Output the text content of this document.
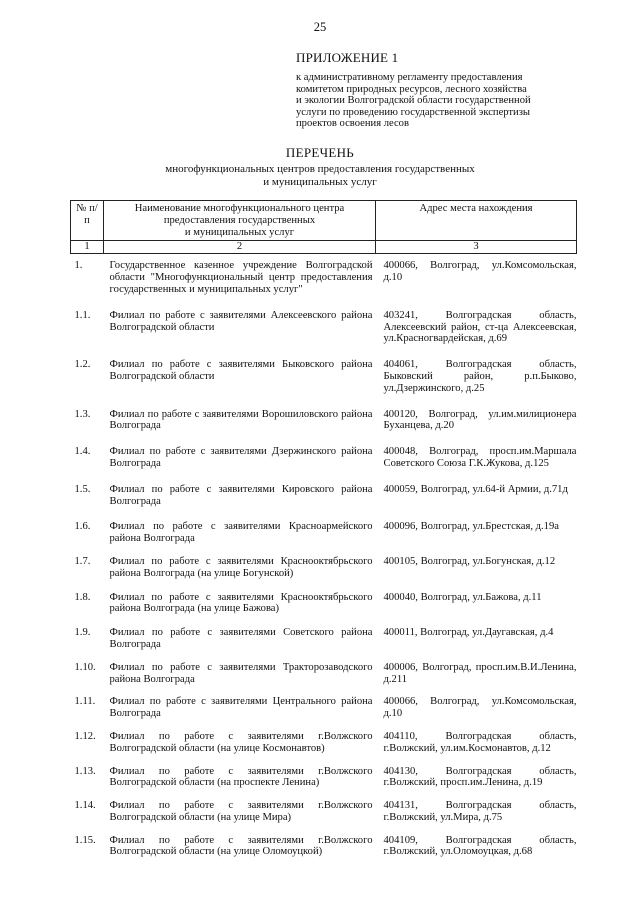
25

ПРИЛОЖЕНИЕ 1

к административному регламенту предоставления
комитетом природных ресурсов, лесного хозяйства
и экологии Волгоградской области государственной
услуги по проведению государственной экспертизы
проектов освоения лесов

ПЕРЕЧЕНЬ
многофункциональных центров предоставления государственных
и муниципальных услуг
№ п/п	Наименование многофункционального центра
предоставления государственных
и муниципальных услуг	Адрес места нахождения
1	2	3
1.	Государственное казенное учреждение Волгоградской области "Многофункциональный центр предоставления государственных и муниципальных услуг"	400066, Волгоград, ул.Комсомольская, д.10
1.1.	Филиал по работе с заявителями Алексеевского района Волгоградской области	403241, Волгоградская область, Алексеевский район, ст-ца Алексеевская, ул.Красногвардейская, д.69
1.2.	Филиал по работе с заявителями Быковского района Волгоградской области	404061, Волгоградская область, Быковский район, р.п.Быково, ул.Дзержинского, д.25
1.3.	Филиал по работе с заявителями Ворошиловского района Волгограда	400120, Волгоград, ул.им.милиционера Буханцева, д.20
1.4.	Филиал по работе с заявителями Дзержинского района Волгограда	400048, Волгоград, просп.им.Маршала Советского Союза Г.К.Жукова, д.125
1.5.	Филиал по работе с заявителями Кировского района Волгограда	400059, Волгоград, ул.64-й Армии, д.71д
1.6.	Филиал по работе с заявителями Красноармейского района Волгограда	400096, Волгоград, ул.Брестская, д.19а
1.7.	Филиал по работе с заявителями Краснооктябрьского района Волгограда (на улице Богунской)	400105, Волгоград, ул.Богунская, д.12
1.8.	Филиал по работе с заявителями Краснооктябрьского района Волгограда (на улице Бажова)	400040, Волгоград, ул.Бажова, д.11
1.9.	Филиал по работе с заявителями Советского района Волгограда	400011, Волгоград, ул.Даугавская, д.4
1.10.	Филиал по работе с заявителями Тракторозаводского района Волгограда	400006, Волгоград, просп.им.В.И.Ленина, д.211
1.11.	Филиал по работе с заявителями Центрального района Волгограда	400066, Волгоград, ул.Комсомольская, д.10
1.12.	Филиал по работе с заявителями г.Волжского Волгоградской области (на улице Космонавтов)	404110, Волгоградская область, г.Волжский, ул.им.Космонавтов, д.12
1.13.	Филиал по работе с заявителями г.Волжского Волгоградской области (на проспекте Ленина)	404130, Волгоградская область, г.Волжский, просп.им.Ленина, д.19
1.14.	Филиал по работе с заявителями г.Волжского Волгоградской области (на улице Мира)	404131, Волгоградская область, г.Волжский, ул.Мира, д.75
1.15.	Филиал по работе с заявителями г.Волжского Волгоградской области (на улице Оломоуцкой)	404109, Волгоградская область, г.Волжский, ул.Оломоуцкая, д.68
